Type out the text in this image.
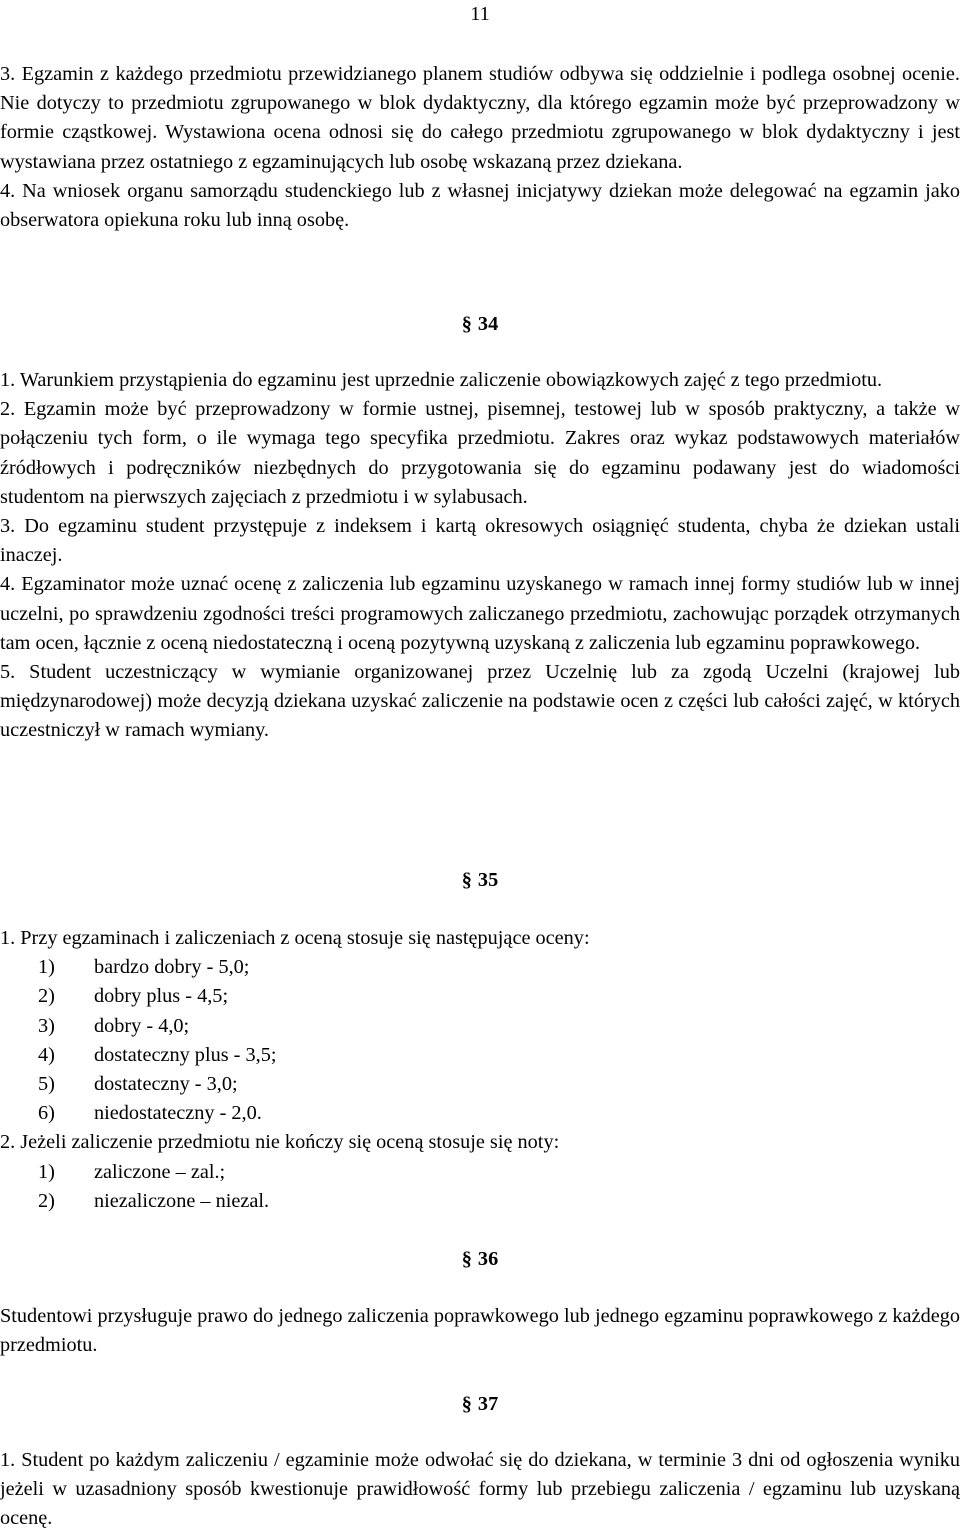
11

3. Egzamin z każdego przedmiotu przewidzianego planem studiów odbywa się oddzielnie i podlega osobnej ocenie. Nie dotyczy to przedmiotu zgrupowanego w blok dydaktyczny, dla którego egzamin może być przeprowadzony w formie cząstkowej. Wystawiona ocena odnosi się do całego przedmiotu zgrupowanego w blok dydaktyczny i jest wystawiana przez ostatniego z egzaminujących lub osobę wskazaną przez dziekana.

4. Na wniosek organu samorządu studenckiego lub z własnej inicjatywy dziekan może delegować na egzamin jako obserwatora opiekuna roku lub inną osobę.

§ 34

1. Warunkiem przystąpienia do egzaminu jest uprzednie zaliczenie obowiązkowych zajęć z tego przedmiotu.

2. Egzamin może być przeprowadzony w formie ustnej, pisemnej, testowej lub w sposób praktyczny, a także w połączeniu tych form, o ile wymaga tego specyfika przedmiotu. Zakres oraz wykaz podstawowych materiałów źródłowych i podręczników niezbędnych do przygotowania się do egzaminu podawany jest do wiadomości studentom na pierwszych zajęciach z przedmiotu i w sylabusach.

3. Do egzaminu student przystępuje z indeksem i kartą okresowych osiągnięć studenta, chyba że dziekan ustali inaczej.

4. Egzaminator może uznać ocenę z zaliczenia lub egzaminu uzyskanego w ramach innej formy studiów lub w innej uczelni, po sprawdzeniu zgodności treści programowych zaliczanego przedmiotu, zachowując porządek otrzymanych tam ocen, łącznie z oceną niedostateczną i oceną pozytywną uzyskaną z zaliczenia lub egzaminu poprawkowego.

5. Student uczestniczący w wymianie organizowanej przez Uczelnię lub za zgodą Uczelni (krajowej lub międzynarodowej) może decyzją dziekana uzyskać zaliczenie na podstawie ocen z części lub całości zajęć, w których uczestniczył w ramach wymiany.

§ 35

1. Przy egzaminach i zaliczeniach z oceną stosuje się następujące oceny:

1)	bardzo dobry - 5,0;
2)	dobry plus - 4,5;
3)	dobry - 4,0;
4)	dostateczny plus - 3,5;
5)	dostateczny - 3,0;
6)	niedostateczny - 2,0.

2. Jeżeli zaliczenie przedmiotu nie kończy się oceną stosuje się noty:

1)	zaliczone – zal.;
2)	niezaliczone – niezal.
§ 36

Studentowi przysługuje prawo do jednego zaliczenia poprawkowego lub jednego egzaminu poprawkowego z każdego przedmiotu.

§ 37

1. Student po każdym zaliczeniu / egzaminie może odwołać się do dziekana, w terminie 3 dni od ogłoszenia wyniku jeżeli w uzasadniony sposób kwestionuje prawidłowość formy lub przebiegu zaliczenia / egzaminu lub uzyskaną ocenę.
